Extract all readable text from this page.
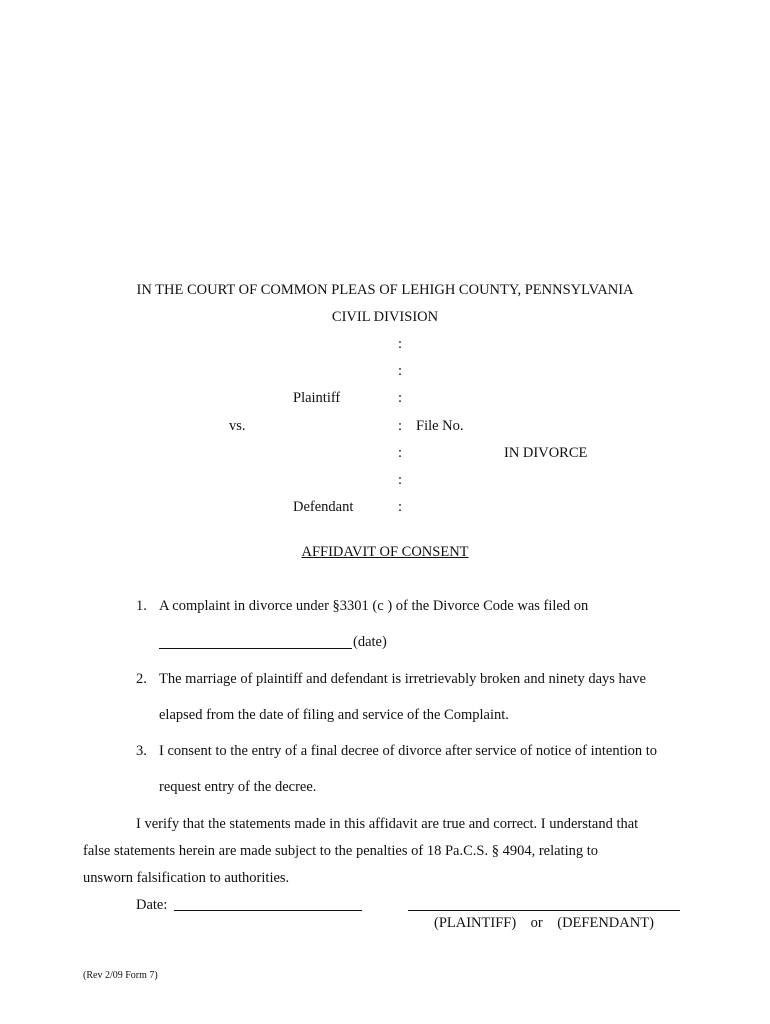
IN THE COURT OF COMMON PLEAS OF LEHIGH COUNTY, PENNSYLVANIA
CIVIL DIVISION
:
:
:
:
:
:
:
Plaintiff
vs.	File No.
IN DIVORCE
Defendant
AFFIDAVIT OF CONSENT
1. A complaint in divorce under §3301 (c ) of the Divorce Code was filed on
(date)
2. The marriage of plaintiff and defendant is irretrievably broken and ninety days have
elapsed from the date of filing and service of the Complaint.
3. I consent to the entry of a final decree of divorce after service of notice of intention to
request entry of the decree.
I verify that the statements made in this affidavit are true and correct. I understand that
false statements herein are made subject to the penalties of 18 Pa.C.S. § 4904, relating to
unsworn falsification to authorities.
Date:
(PLAINTIFF)    or    (DEFENDANT)
(Rev 2/09 Form 7)
